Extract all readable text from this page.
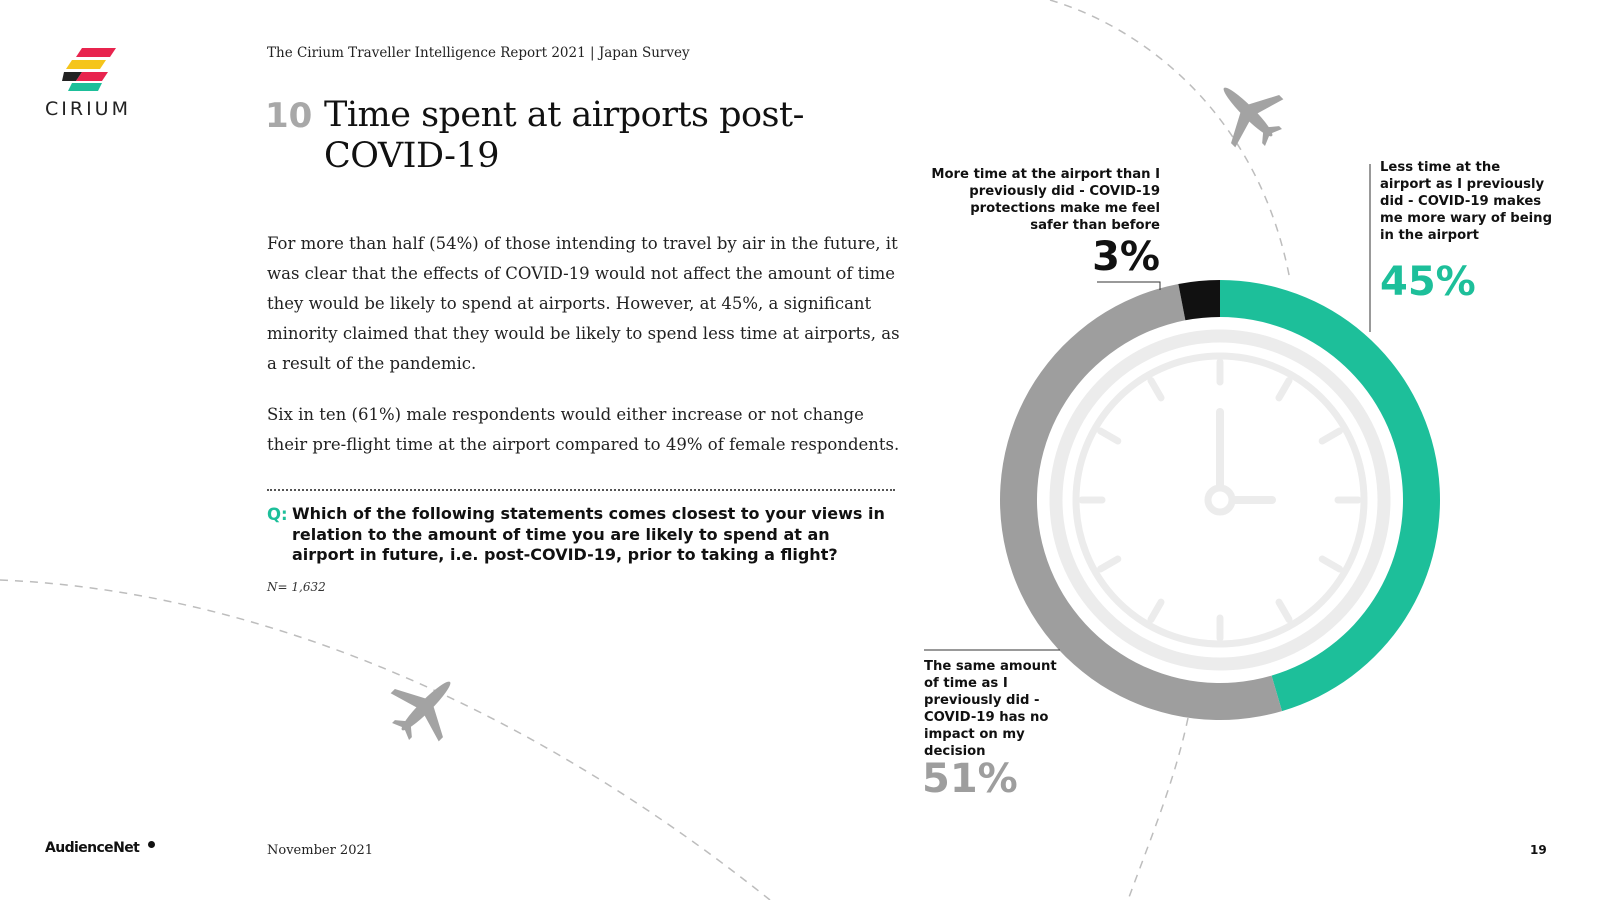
CIRIUM
The Cirium Traveller Intelligence Report 2021 | Japan Survey
10 Time spent at airports post-COVID-19
For more than half (54%) of those intending to travel by air in the future, it was clear that the effects of COVID-19 would not affect the amount of time they would be likely to spend at airports. However, at 45%, a significant minority claimed that they would be likely to spend less time at airports, as a result of the pandemic.
Six in ten (61%) male respondents would either increase or not change their pre-flight time at the airport compared to 49% of female respondents.
Q: Which of the following statements comes closest to your views in relation to the amount of time you are likely to spend at an airport in future, i.e. post-COVID-19, prior to taking a flight?
N= 1,632
More time at the airport than I previously did - COVID-19 protections make me feel safer than before
3%
Less time at the airport as I previously did - COVID-19 makes me more wary of being in the airport
45%
The same amount of time as I previously did - COVID-19 has no impact on my decision
51%
AudienceNet	November 2021	19
